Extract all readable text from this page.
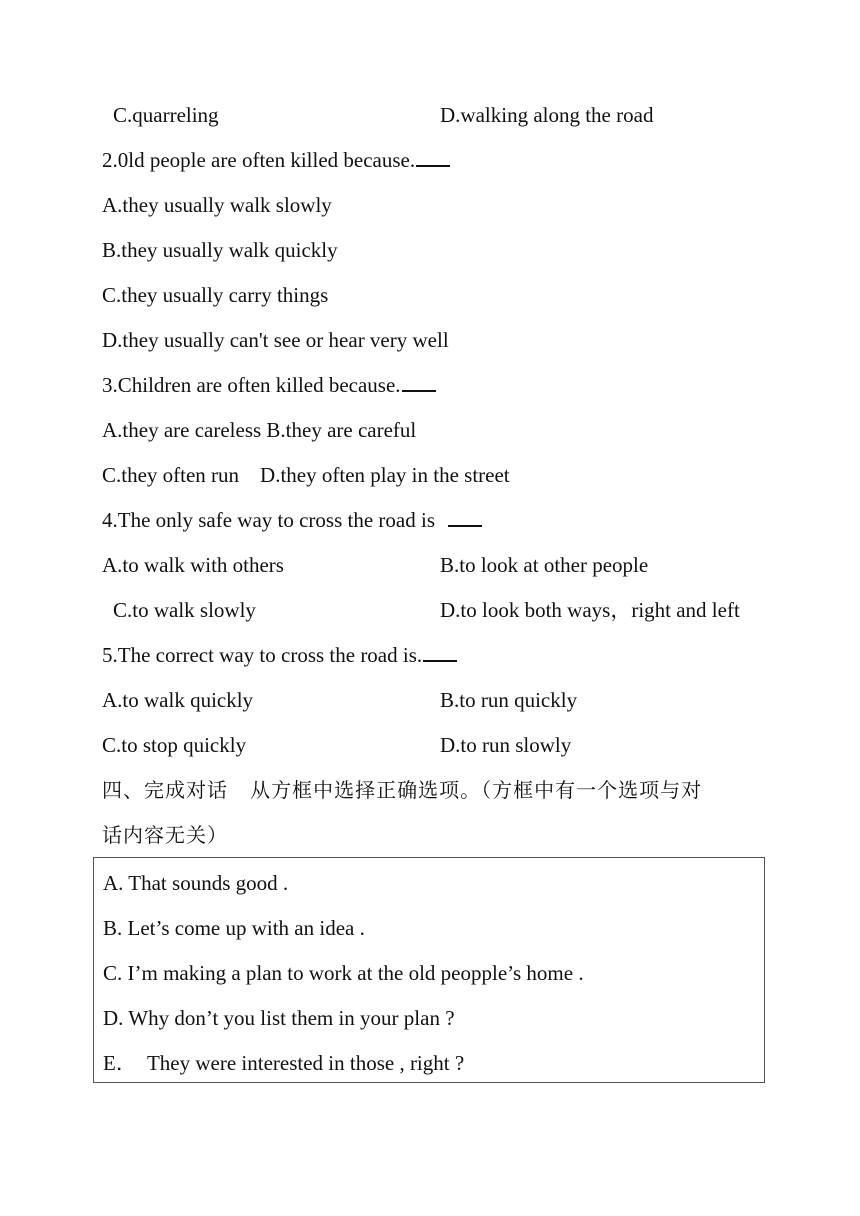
C.quarreling	D.walking along the road
2.0ld people are often killed because.
A.they usually walk slowly
B.they usually walk quickly
C.they usually carry things
D.they usually can't see or hear very well
3.Children are often killed because.
A.they are careless B.they are careful
C.they often run    D.they often play in the street
4.The only safe way to cross the road is
A.to walk with others	B.to look at other people
C.to walk slowly	D.to look both ways，right and left
5.The correct way to cross the road is.
A.to walk quickly	B.to run quickly
C.to stop quickly	D.to run slowly
四、完成对话   从方框中选择正确选项。（方框中有一个选项与对
话内容无关）
A. That sounds good .
B. Let’s come up with an idea .
C. I’m making a plan to work at the old peopple’s home .
D. Why don’t you list them in your plan ?
E．  They were interested in those , right ?
